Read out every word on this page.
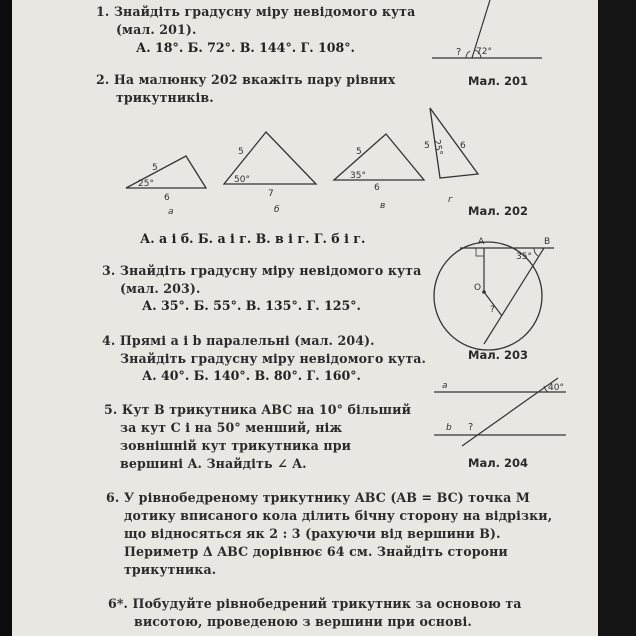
1. Знайдіть градусну міру невідомого кута
(мал. 201).
А. 18°. Б. 72°. В. 144°. Г. 108°.
2. На малюнку 202 вкажіть пару рівних
трикутників.
А. а і б. Б. а і г. В. в і г. Г. б і г.
3. Знайдіть градусну міру невідомого кута
(мал. 203).
А. 35°. Б. 55°. В. 135°. Г. 125°.
4. Прямі a і b паралельні (мал. 204).
Знайдіть градусну міру невідомого кута.
А. 40°. Б. 140°. В. 80°. Г. 160°.
5. Кут B трикутника ABC на 10° більший
за кут C і на 50° менший, ніж
зовнішній кут трикутника при
вершині A. Знайдіть ∠ A.
6. У рівнобедреному трикутнику ABC (AB = BC) точка M
дотику вписаного кола ділить бічну сторону на відрізки,
що відносяться як 2 : 3 (рахуючи від вершини B).
Периметр Δ ABC дорівнює 64 см. Знайдіть сторони
трикутника.
6*. Побудуйте рівнобедрений трикутник за основою та
висотою, проведеною з вершини при основі.
? 72°
Мал. 201
5
25°
6
а
5
50°
7
б
5
35°
6
в
5 25° 6
г
Мал. 202
A	B
O
35°
?
Мал. 203
a	40°
b ?
Мал. 204
